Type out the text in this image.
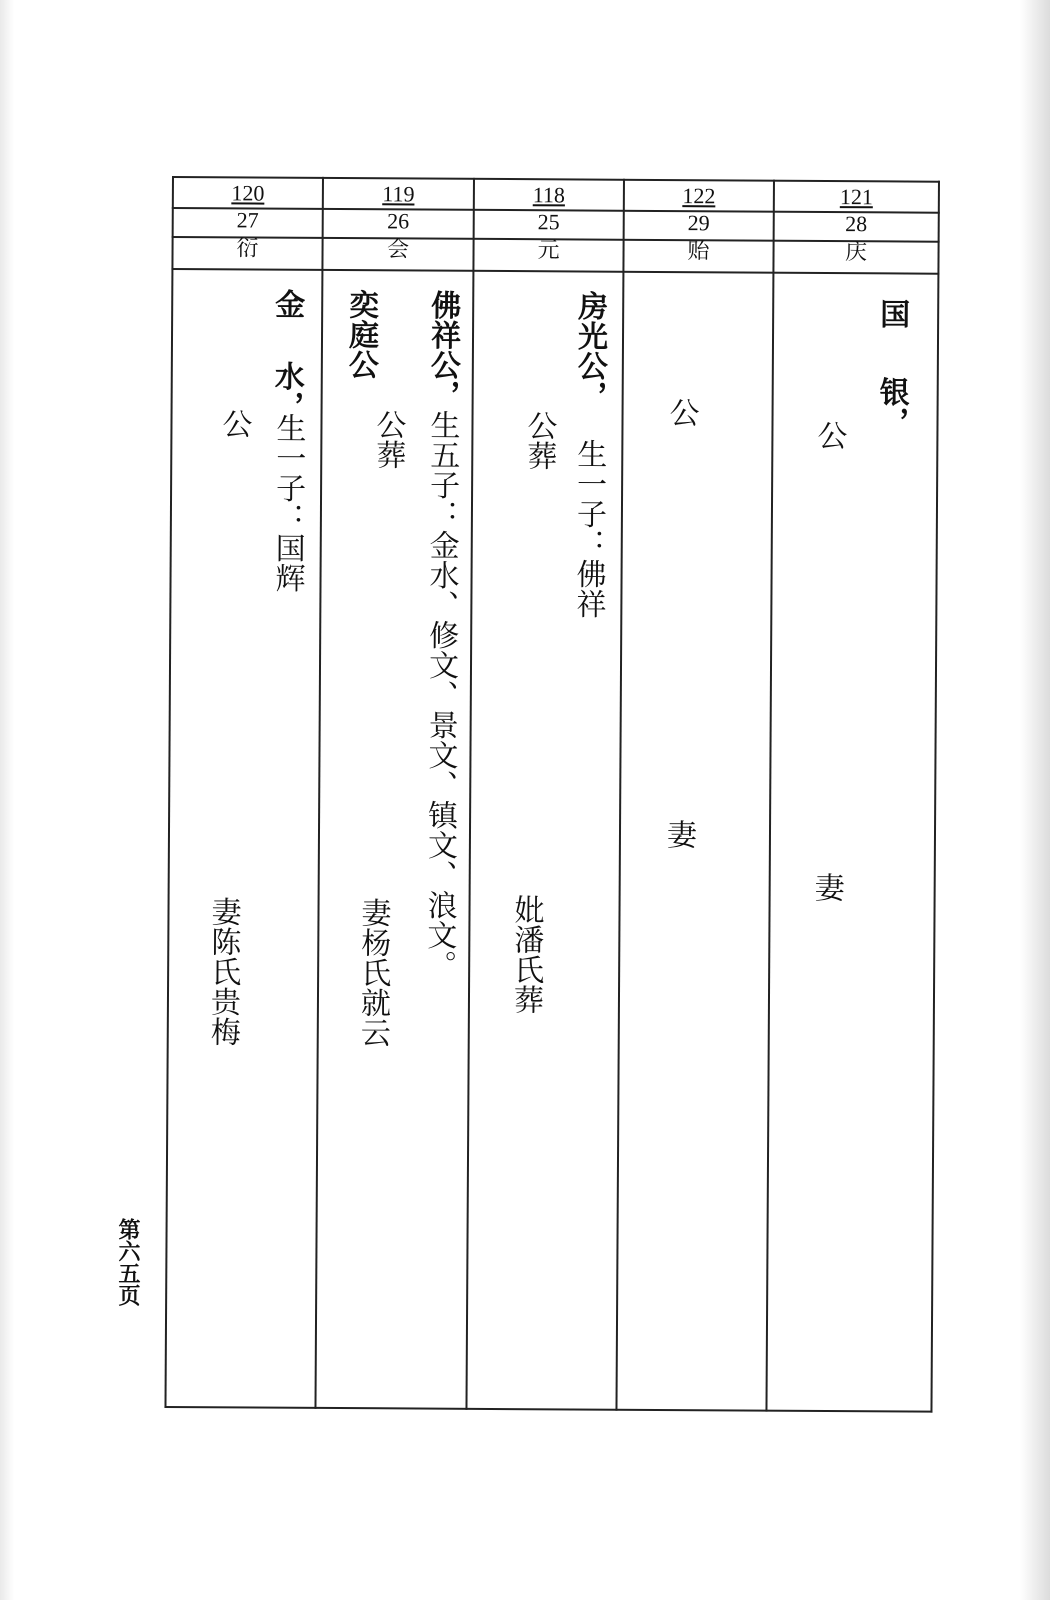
120
27
衍
金
水，
生一子：国辉
公
妻陈氏贵梅
119
26
会
奕庭公
公葬
妻杨氏就云
佛祥公，
生五子：金水、修文、景文、镇文、浪文。
118
25
元
房光公，
生一子：佛祥
公葬
妣潘氏葬
122
29
贻
公
妻
121
28
庆
国
银，
公
妻
第六五页
